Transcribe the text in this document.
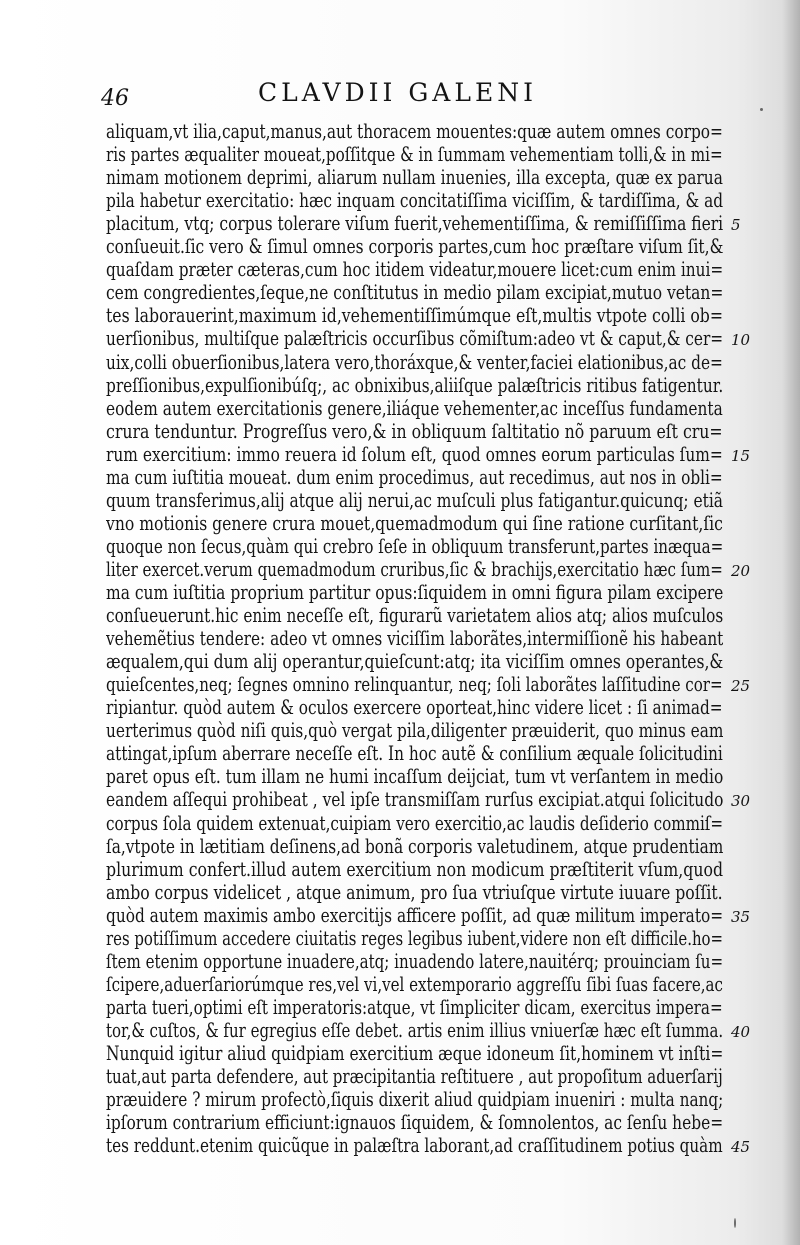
46	CLAVDII GALENI
aliquam,vt ilia,caput,manus,aut thoracem mouentes:quæ autem omnes corpo=
ris partes æqualiter moueat,poſſitque & in ſummam vehementiam tolli,& in mi=
nimam motionem deprimi, aliarum nullam inuenies, illa excepta, quæ ex parua
pila habetur exercitatio: hæc inquam concitatiſſima viciſſim, & tardiſſima, & ad
placitum, vtq; corpus tolerare viſum fuerit,vehementiſſima, & remiſſiſſima fieri
conſueuit.ſic vero & ſimul omnes corporis partes,cum hoc præſtare viſum ſit,&
quaſdam præter cæteras,cum hoc itidem videatur,mouere licet:cum enim inui=
cem congredientes,ſeque,ne conſtitutus in medio pilam excipiat,mutuo vetan=
tes laborauerint,maximum id,vehementiſſimúmque eſt,multis vtpote colli ob=
uerſionibus, multiſque palæſtricis occurſibus cõmiſtum:adeo vt & caput,& cer=
uix,colli obuerſionibus,latera vero,thoráxque,& venter,faciei elationibus,ac de=
preſſionibus,expulſionibúſq;, ac obnixibus,aliiſque palæſtricis ritibus fatigentur.
eodem autem exercitationis genere,iliáque vehementer,ac inceſſus fundamenta
crura tenduntur. Progreſſus vero,& in obliquum ſaltitatio nõ paruum eſt cru=
rum exercitium: immo reuera id ſolum eſt, quod omnes eorum particulas ſum=
ma cum iuſtitia moueat. dum enim procedimus, aut recedimus, aut nos in obli=
quum transferimus,alij atque alij nerui,ac muſculi plus fatigantur.quicunq; etiã
vno motionis genere crura mouet,quemadmodum qui ſine ratione curſitant,ſic
quoque non ſecus,quàm qui crebro ſeſe in obliquum transferunt,partes inæqua=
liter exercet.verum quemadmodum cruribus,ſic & brachijs,exercitatio hæc ſum=
ma cum iuſtitia proprium partitur opus:ſiquidem in omni figura pilam excipere
conſueuerunt.hic enim neceſſe eſt, figurarũ varietatem alios atq; alios muſculos
vehemẽtius tendere: adeo vt omnes viciſſim laborãtes,intermiſſionẽ his habeant
æqualem,qui dum alij operantur,quieſcunt:atq; ita viciſſim omnes operantes,&
quieſcentes,neq; ſegnes omnino relinquantur, neq; ſoli laborãtes laſſitudine cor=
ripiantur. quòd autem & oculos exercere oporteat,hinc videre licet : ſi animad=
uerterimus quòd niſi quis,quò vergat pila,diligenter præuiderit, quo minus eam
attingat,ipſum aberrare neceſſe eſt. In hoc autẽ & conſilium æquale ſolicitudini
paret opus eſt. tum illam ne humi incaſſum deijciat, tum vt verſantem in medio
eandem aſſequi prohibeat , vel ipſe transmiſſam rurſus excipiat.atqui ſolicitudo
corpus ſola quidem extenuat,cuipiam vero exercitio,ac laudis deſiderio commiſ=
ſa,vtpote in lætitiam deſinens,ad bonã corporis valetudinem, atque prudentiam
plurimum confert.illud autem exercitium non modicum præſtiterit vſum,quod
ambo corpus videlicet , atque animum, pro ſua vtriuſque virtute iuuare poſſit.
quòd autem maximis ambo exercitijs afficere poſſit, ad quæ militum imperato=
res potiſſimum accedere ciuitatis reges legibus iubent,videre non eſt difficile.ho=
ſtem etenim opportune inuadere,atq; inuadendo latere,nauitérq; prouinciam ſu=
ſcipere,aduerſariorúmque res,vel vi,vel extemporario aggreſſu ſibi ſuas facere,ac
parta tueri,optimi eſt imperatoris:atque, vt ſimpliciter dicam, exercitus impera=
tor,& cuſtos, & fur egregius eſſe debet. artis enim illius vniuerſæ hæc eſt ſumma.
Nunquid igitur aliud quidpiam exercitium æque idoneum ſit,hominem vt inſti=
tuat,aut parta defendere, aut præcipitantia reſtituere , aut propoſitum aduerſarij
præuidere ? mirum profectò,ſiquis dixerit aliud quidpiam inueniri : multa nanq;
ipſorum contrarium efficiunt:ignauos ſiquidem, & ſomnolentos, ac ſenſu hebe=
tes reddunt.etenim quicũque in palæſtra laborant,ad craſſitudinem potius quàm
5
10
15
20
25
30
35
40
45
